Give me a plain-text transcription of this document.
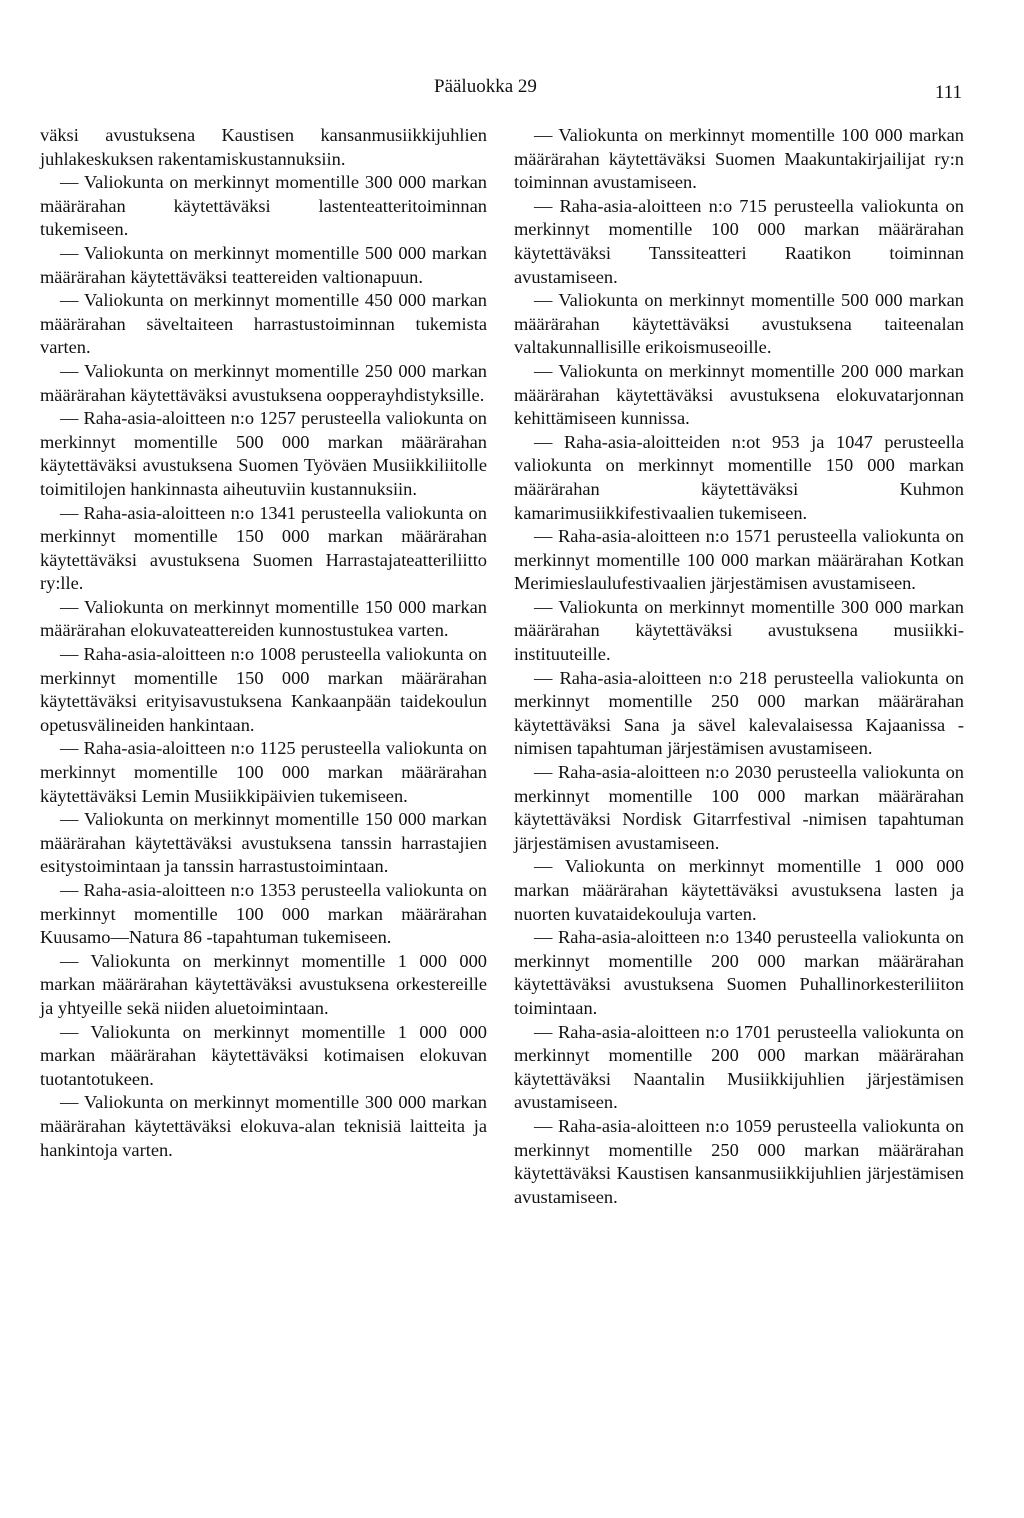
Pääluokka 29	111

väksi avustuksena Kaustisen kansanmusiikkijuhlien juhlakeskuksen rakentamiskustannuksiin.

— Valiokunta on merkinnyt momentille 300 000 markan määrärahan käytettäväksi lastenteatteritoiminnan tukemiseen.

— Valiokunta on merkinnyt momentille 500 000 markan määrärahan käytettäväksi teattereiden valtionapuun.

— Valiokunta on merkinnyt momentille 450 000 markan määrärahan säveltaiteen harrastustoiminnan tukemista varten.

— Valiokunta on merkinnyt momentille 250 000 markan määrärahan käytettäväksi avustuksena oopperayhdistyksille.

— Raha-asia-aloitteen n:o 1257 perusteella valiokunta on merkinnyt momentille 500 000 markan määrärahan käytettäväksi avustuksena Suomen Työväen Musiikkiliitolle toimitilojen hankinnasta aiheutuviin kustannuksiin.

— Raha-asia-aloitteen n:o 1341 perusteella valiokunta on merkinnyt momentille 150 000 markan määrärahan käytettäväksi avustuksena Suomen Harrastajateatteriliitto ry:lle.

— Valiokunta on merkinnyt momentille 150 000 markan määrärahan elokuvateattereiden kunnostustukea varten.

— Raha-asia-aloitteen n:o 1008 perusteella valiokunta on merkinnyt momentille 150 000 markan määrärahan käytettäväksi erityisavustuksena Kankaanpään taidekoulun opetusvälineiden hankintaan.

— Raha-asia-aloitteen n:o 1125 perusteella valiokunta on merkinnyt momentille 100 000 markan määrärahan käytettäväksi Lemin Musiikkipäivien tukemiseen.

— Valiokunta on merkinnyt momentille 150 000 markan määrärahan käytettäväksi avustuksena tanssin harrastajien esitystoimintaan ja tanssin harrastustoimintaan.

— Raha-asia-aloitteen n:o 1353 perusteella valiokunta on merkinnyt momentille 100 000 markan määrärahan Kuusamo—Natura 86 -tapahtuman tukemiseen.

— Valiokunta on merkinnyt momentille 1 000 000 markan määrärahan käytettäväksi avustuksena orkestereille ja yhtyeille sekä niiden aluetoimintaan.

— Valiokunta on merkinnyt momentille 1 000 000 markan määrärahan käytettäväksi kotimaisen elokuvan tuotantotukeen.

— Valiokunta on merkinnyt momentille 300 000 markan määrärahan käytettäväksi elokuva-alan teknisiä laitteita ja hankintoja varten.

— Valiokunta on merkinnyt momentille 100 000 markan määrärahan käytettäväksi Suomen Maakuntakirjailijat ry:n toiminnan avustamiseen.

— Raha-asia-aloitteen n:o 715 perusteella valiokunta on merkinnyt momentille 100 000 markan määrärahan käytettäväksi Tanssiteatteri Raatikon toiminnan avustamiseen.

— Valiokunta on merkinnyt momentille 500 000 markan määrärahan käytettäväksi avustuksena taiteenalan valtakunnallisille erikoismuseoille.

— Valiokunta on merkinnyt momentille 200 000 markan määrärahan käytettäväksi avustuksena elokuvatarjonnan kehittämiseen kunnissa.

— Raha-asia-aloitteiden n:ot 953 ja 1047 perusteella valiokunta on merkinnyt momentille 150 000 markan määrärahan käytettäväksi Kuhmon kamarimusiikkifestivaalien tukemiseen.

— Raha-asia-aloitteen n:o 1571 perusteella valiokunta on merkinnyt momentille 100 000 markan määrärahan Kotkan Merimieslaulufestivaalien järjestämisen avustamiseen.

— Valiokunta on merkinnyt momentille 300 000 markan määrärahan käytettäväksi avustuksena musiikki-instituuteille.

— Raha-asia-aloitteen n:o 218 perusteella valiokunta on merkinnyt momentille 250 000 markan määrärahan käytettäväksi Sana ja sävel kalevalaisessa Kajaanissa -nimisen tapahtuman järjestämisen avustamiseen.

— Raha-asia-aloitteen n:o 2030 perusteella valiokunta on merkinnyt momentille 100 000 markan määrärahan käytettäväksi Nordisk Gitarrfestival -nimisen tapahtuman järjestämisen avustamiseen.

— Valiokunta on merkinnyt momentille 1 000 000 markan määrärahan käytettäväksi avustuksena lasten ja nuorten kuvataidekouluja varten.

— Raha-asia-aloitteen n:o 1340 perusteella valiokunta on merkinnyt momentille 200 000 markan määrärahan käytettäväksi avustuksena Suomen Puhallinorkesteriliiton toimintaan.

— Raha-asia-aloitteen n:o 1701 perusteella valiokunta on merkinnyt momentille 200 000 markan määrärahan käytettäväksi Naantalin Musiikkijuhlien järjestämisen avustamiseen.

— Raha-asia-aloitteen n:o 1059 perusteella valiokunta on merkinnyt momentille 250 000 markan määrärahan käytettäväksi Kaustisen kansanmusiikkijuhlien järjestämisen avustamiseen.
